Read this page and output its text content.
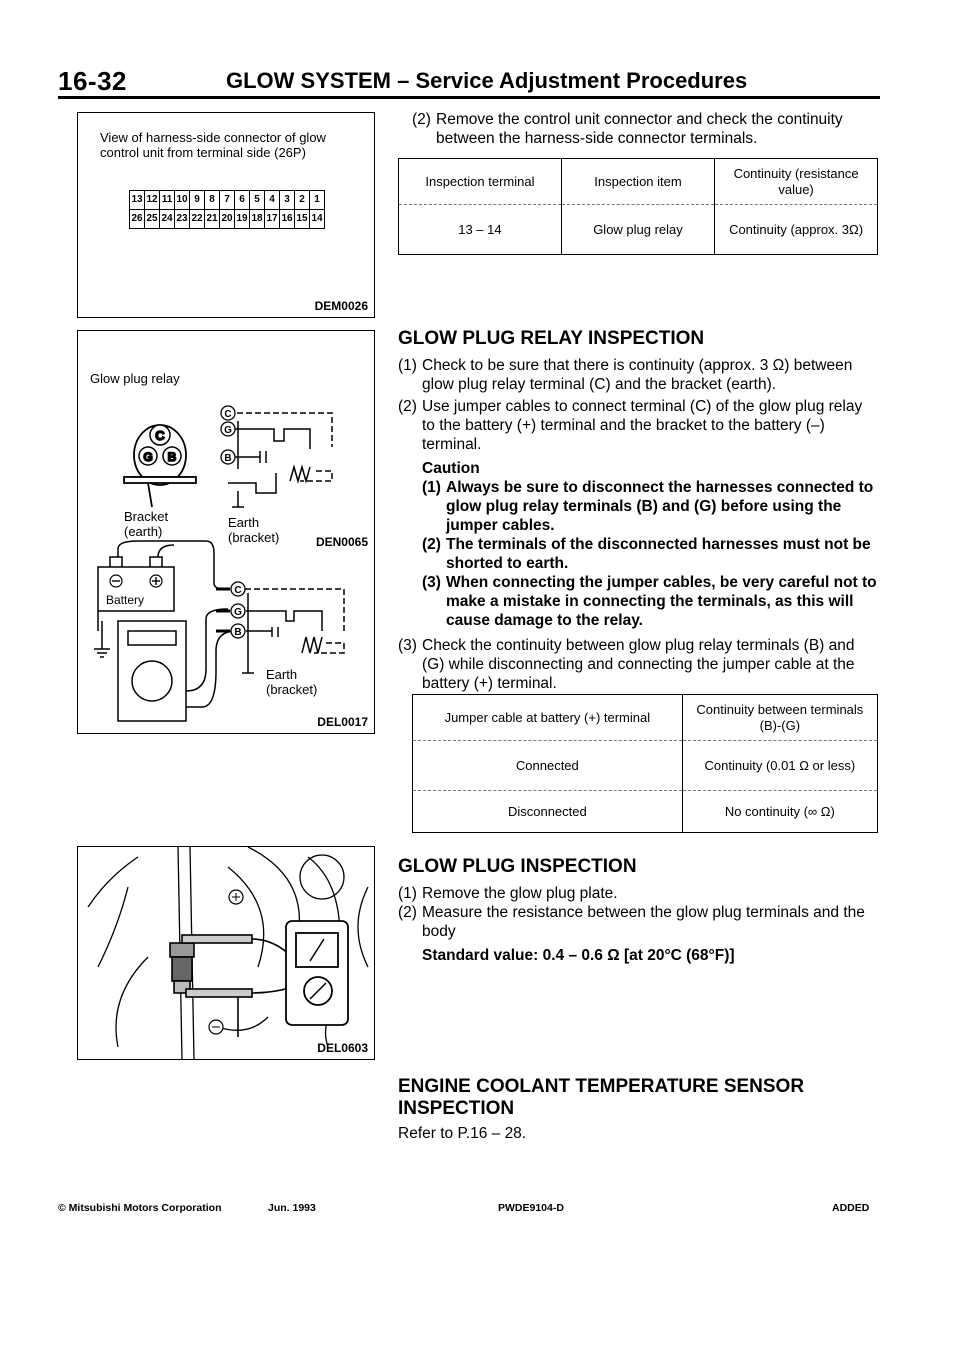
16-32	GLOW SYSTEM – Service Adjustment Procedures
View of harness-side connector of glow control unit from terminal side (26P)
13 12 11 10 9 8 7 6 5 4 3 2 1
26 25 24 23 22 21 20 19 18 17 16 15 14
DEM0026
Glow plug relay
C
G B
C
G
B
C
G
B
Bracket
(earth)
Earth
(bracket)	DEN0065
Battery
Earth
(bracket)
DEL0017
DEL0603
(2) Remove the control unit connector and check the continuity between the harness-side connector terminals.
Inspection terminal	Inspection item	Continuity (resistance value)
13 – 14	Glow plug relay	Continuity (approx. 3Ω)
GLOW PLUG RELAY INSPECTION
(1) Check to be sure that there is continuity (approx. 3 Ω) between glow plug relay terminal (C) and the bracket (earth).
(2) Use jumper cables to connect terminal (C) of the glow plug relay to the battery (+) terminal and the bracket to the battery (–) terminal.
Caution
(1) Always be sure to disconnect the harnesses connected to glow plug relay terminals (B) and (G) before using the jumper cables.
(2) The terminals of the disconnected harnesses must not be shorted to earth.
(3) When connecting the jumper cables, be very careful not to make a mistake in connecting the terminals, as this will cause damage to the relay.
(3) Check the continuity between glow plug relay terminals (B) and (G) while disconnecting and connecting the jumper cable at the battery (+) terminal.
Jumper cable at battery (+) terminal	Continuity between terminals (B)-(G)
Connected	Continuity (0.01 Ω or less)
Disconnected	No continuity (∞ Ω)
GLOW PLUG INSPECTION
(1) Remove the glow plug plate.
(2) Measure the resistance between the glow plug terminals and the body
Standard value: 0.4 – 0.6 Ω [at 20°C (68°F)]
ENGINE COOLANT TEMPERATURE SENSOR INSPECTION
Refer to P.16 – 28.
© Mitsubishi Motors Corporation	Jun. 1993	PWDE9104-D	ADDED
